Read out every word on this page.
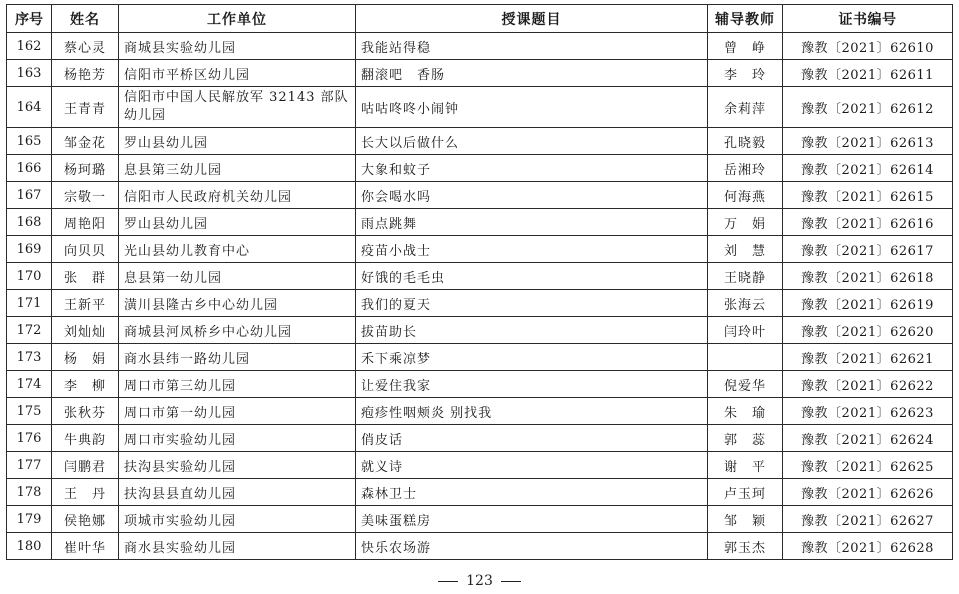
序号	姓名	工作单位	授课题目	辅导教师	证书编号
162	蔡心灵	商城县实验幼儿园	我能站得稳	曾　峥	豫教〔2021〕62610
163	杨艳芳	信阳市平桥区幼儿园	翻滚吧　香肠	李　玲	豫教〔2021〕62611
164	王青青	信阳市中国人民解放军 32143 部队幼儿园	咕咕咚咚小闹钟	余莉萍	豫教〔2021〕62612
165	邹金花	罗山县幼儿园	长大以后做什么	孔晓毅	豫教〔2021〕62613
166	杨珂璐	息县第三幼儿园	大象和蚊子	岳湘玲	豫教〔2021〕62614
167	宗敬一	信阳市人民政府机关幼儿园	你会喝水吗	何海燕	豫教〔2021〕62615
168	周艳阳	罗山县幼儿园	雨点跳舞	万　娟	豫教〔2021〕62616
169	向贝贝	光山县幼儿教育中心	疫苗小战士	刘　慧	豫教〔2021〕62617
170	张　群	息县第一幼儿园	好饿的毛毛虫	王晓静	豫教〔2021〕62618
171	王新平	潢川县隆古乡中心幼儿园	我们的夏天	张海云	豫教〔2021〕62619
172	刘灿灿	商城县河凤桥乡中心幼儿园	拔苗助长	闫玲叶	豫教〔2021〕62620
173	杨　娟	商水县纬一路幼儿园	禾下乘凉梦		豫教〔2021〕62621
174	李　柳	周口市第三幼儿园	让爱住我家	倪爱华	豫教〔2021〕62622
175	张秋芬	周口市第一幼儿园	疱疹性咽颊炎 别找我	朱　瑜	豫教〔2021〕62623
176	牛典韵	周口市实验幼儿园	俏皮话	郭　蕊	豫教〔2021〕62624
177	闫鹏君	扶沟县实验幼儿园	就义诗	谢　平	豫教〔2021〕62625
178	王　丹	扶沟县县直幼儿园	森林卫士	卢玉珂	豫教〔2021〕62626
179	侯艳娜	项城市实验幼儿园	美味蛋糕房	邹　颖	豫教〔2021〕62627
180	崔叶华	商水县实验幼儿园	快乐农场游	郭玉杰	豫教〔2021〕62628
123
